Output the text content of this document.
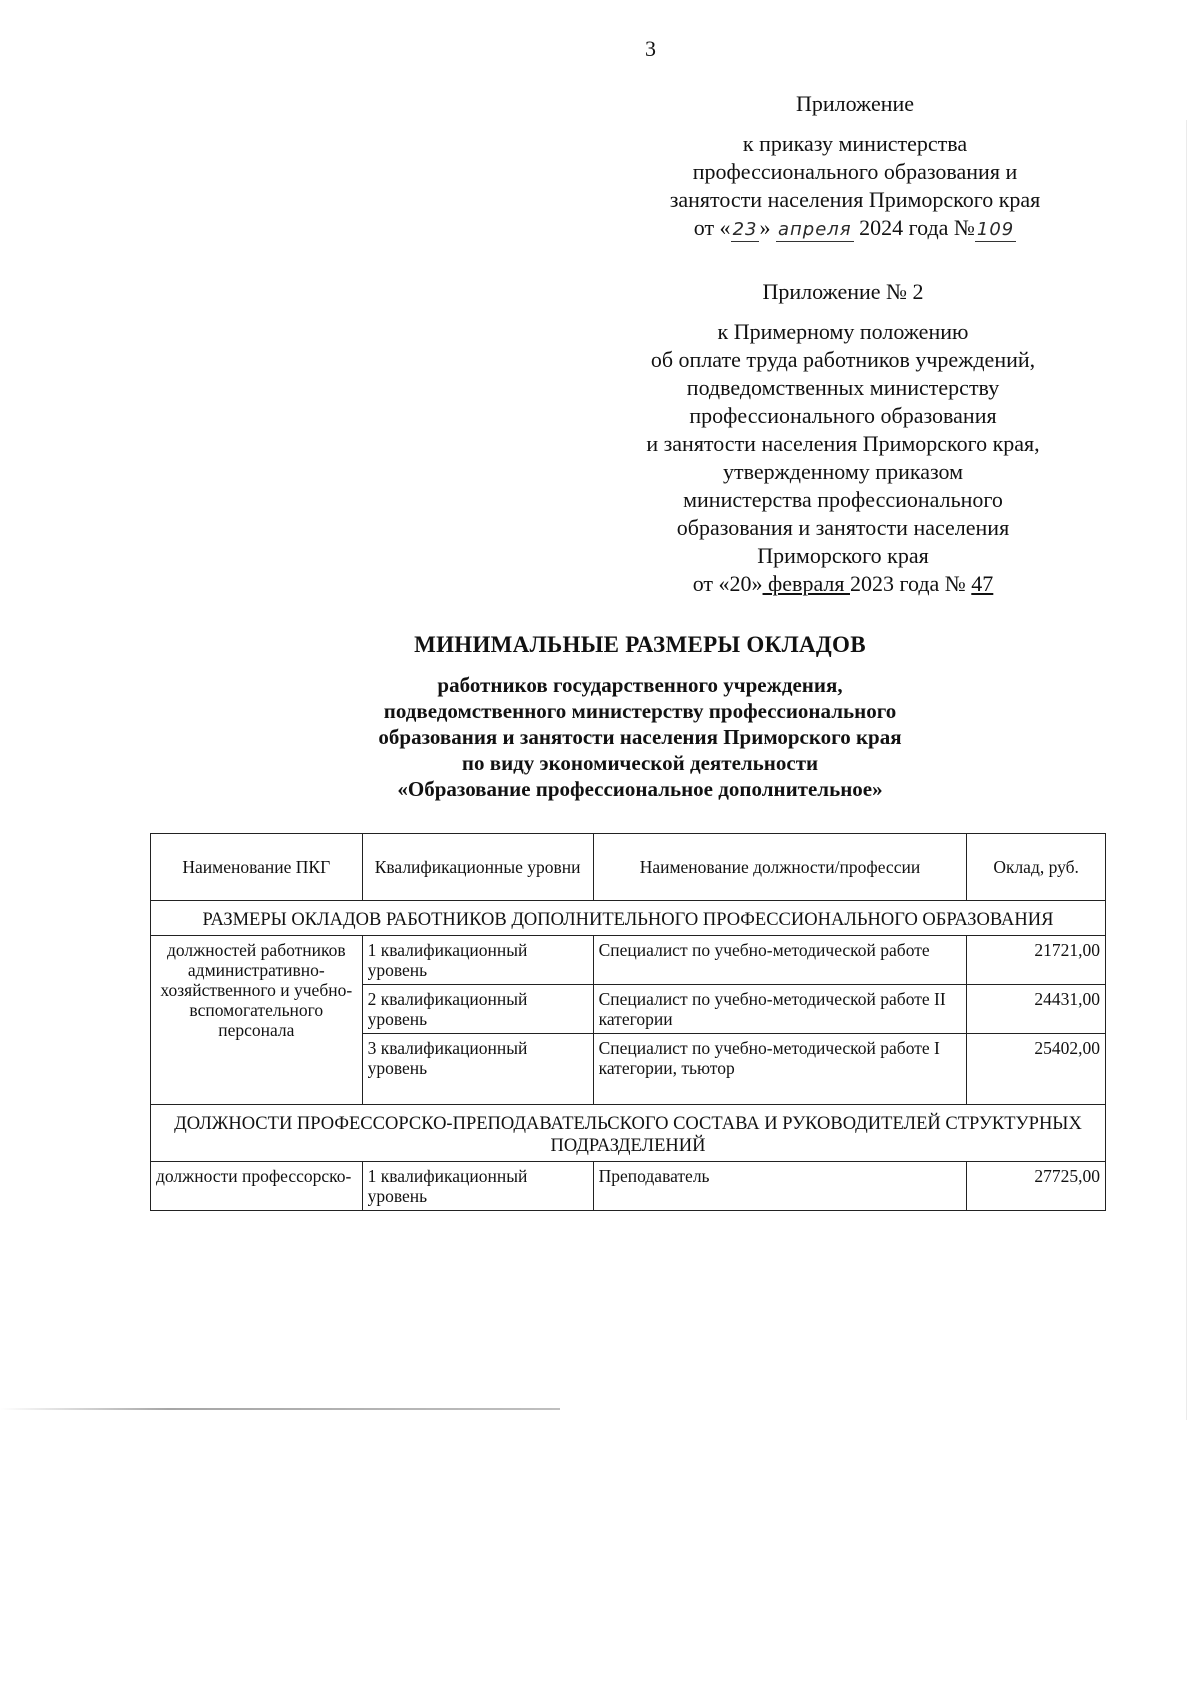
3
Приложение
к приказу министерства
профессионального образования и
занятости населения Приморского края
от « 23» апреля 2024 года № 109
Приложение № 2
к Примерному положению
об оплате труда работников учреждений,
подведомственных министерству
профессионального образования
и занятости населения Приморского края,
утвержденному приказом
министерства профессионального
образования и занятости населения
Приморского края
от «20» февраля 2023 года № 47
МИНИМАЛЬНЫЕ РАЗМЕРЫ ОКЛАДОВ
работников государственного учреждения,
подведомственного министерству профессионального
образования и занятости населения Приморского края
по виду экономической деятельности
«Образование профессиональное дополнительное»
Наименование ПКГ	Квалификационные уровни	Наименование должности/профессии	Оклад, руб.
РАЗМЕРЫ ОКЛАДОВ РАБОТНИКОВ ДОПОЛНИТЕЛЬНОГО ПРОФЕССИОНАЛЬНОГО ОБРАЗОВАНИЯ			
должностей работников административно-хозяйственного и учебно-вспомогательного персонала	1 квалификационный уровень	Специалист по учебно-методической работе	21721,00
	2 квалификационный уровень	Специалист по учебно-методической работе II категории	24431,00
	3 квалификационный уровень	Специалист по учебно-методической работе I категории, тьютор	25402,00
ДОЛЖНОСТИ ПРОФЕССОРСКО-ПРЕПОДАВАТЕЛЬСКОГО СОСТАВА И РУКОВОДИТЕЛЕЙ СТРУКТУРНЫХ ПОДРАЗДЕЛЕНИЙ			
должности профессорско-	1 квалификационный уровень	Преподаватель	27725,00
